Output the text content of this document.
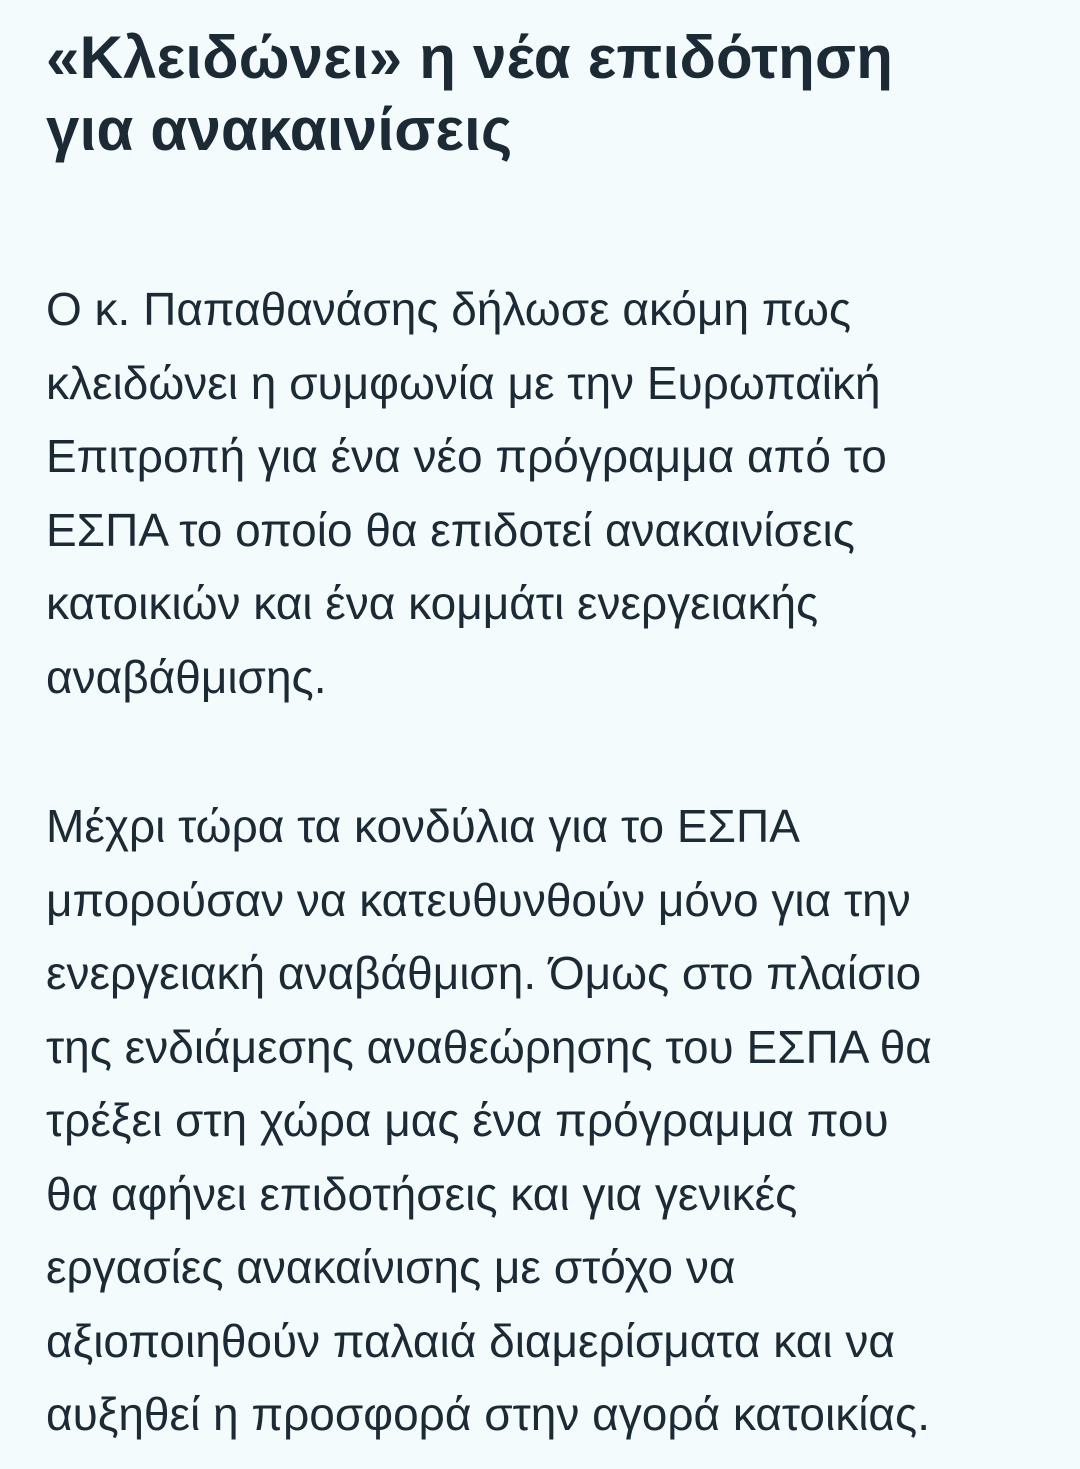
«Κλειδώνει» η νέα επιδότηση
για ανακαινίσεις

Ο κ. Παπαθανάσης δήλωσε ακόμη πως
κλειδώνει η συμφωνία με την Ευρωπαϊκή
Επιτροπή για ένα νέο πρόγραμμα από το
ΕΣΠΑ το οποίο θα επιδοτεί ανακαινίσεις
κατοικιών και ένα κομμάτι ενεργειακής
αναβάθμισης.

Μέχρι τώρα τα κονδύλια για το ΕΣΠΑ
μπορούσαν να κατευθυνθούν μόνο για την
ενεργειακή αναβάθμιση. Όμως στο πλαίσιο
της ενδιάμεσης αναθεώρησης του ΕΣΠΑ θα
τρέξει στη χώρα μας ένα πρόγραμμα που
θα αφήνει επιδοτήσεις και για γενικές
εργασίες ανακαίνισης με στόχο να
αξιοποιηθούν παλαιά διαμερίσματα και να
αυξηθεί η προσφορά στην αγορά κατοικίας.
